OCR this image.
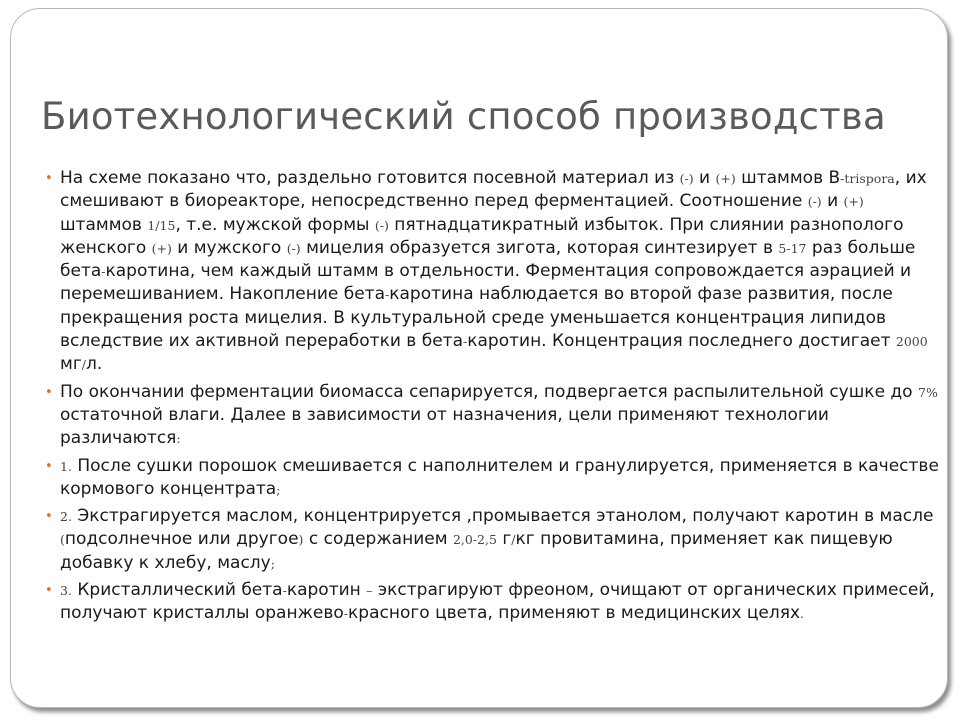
Биотехнологический способ производства
• На схеме показано что, раздельно готовится посевной материал из (-) и (+) штаммов В-trispora, их смешивают в биореакторе, непосредственно перед ферментацией. Соотношение (-) и (+) штаммов 1/15, т.е. мужской формы (-) пятнадцатикратный избыток. При слиянии разнополого женского (+) и мужского (-) мицелия образуется зигота, которая синтезирует в 5-17 раз больше бета-каротина, чем каждый штамм в отдельности. Ферментация сопровождается аэрацией и перемешиванием. Накопление бета-каротина наблюдается во второй фазе развития, после прекращения роста мицелия. В культуральной среде уменьшается концентрация липидов вследствие их активной переработки в бета-каротин. Концентрация последнего достигает 2000 мг/л.
• По окончании ферментации биомасса сепарируется, подвергается распылительной сушке до 7% остаточной влаги. Далее в зависимости от назначения, цели применяют технологии различаются:
• 1. После сушки порошок смешивается с наполнителем и гранулируется, применяется в качестве кормового концентрата;
• 2. Экстрагируется маслом, концентрируется ,промывается этанолом, получают каротин в масле (подсолнечное или другое) с содержанием 2,0-2,5 г/кг провитамина, применяет как пищевую добавку к хлебу, маслу;
• 3. Кристаллический бета-каротин – экстрагируют фреоном, очищают от органических примесей, получают кристаллы оранжево-красного цвета, применяют в медицинских целях.
